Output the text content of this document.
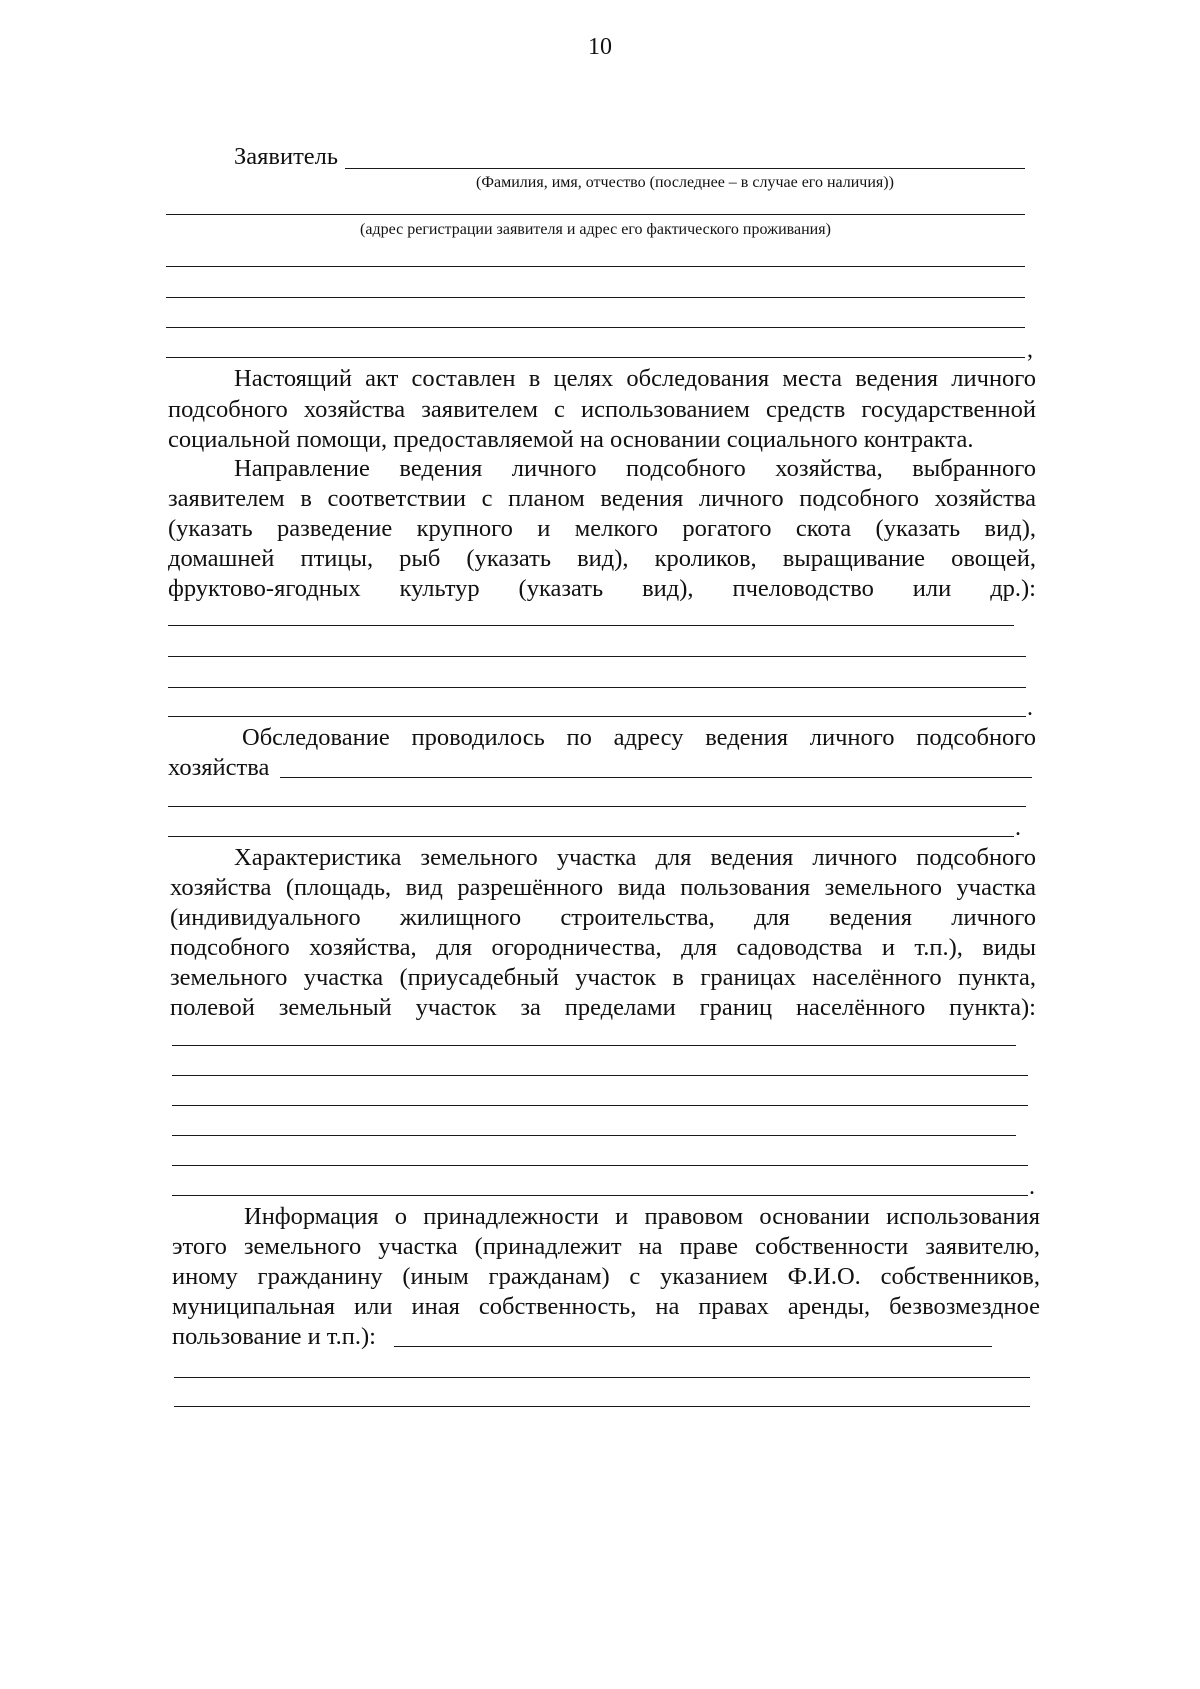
10
Заявитель
(Фамилия, имя, отчество (последнее – в случае его наличия))
(адрес регистрации заявителя и адрес его фактического проживания)
,
Настоящий акт составлен в целях обследования места ведения личного
подсобного хозяйства заявителем с использованием средств государственной
социальной помощи, предоставляемой на основании социального контракта.
Направление ведения личного подсобного хозяйства, выбранного
заявителем в соответствии с планом ведения личного подсобного хозяйства
(указать разведение крупного и мелкого рогатого скота (указать вид),
домашней птицы, рыб (указать вид), кроликов, выращивание овощей,
фруктово-ягодных культур (указать вид), пчеловодство или др.):
.
Обследование проводилось по адресу ведения личного подсобного
хозяйства
.
Характеристика земельного участка для ведения личного подсобного
хозяйства (площадь, вид разрешённого вида пользования земельного участка
(индивидуального жилищного строительства, для ведения личного
подсобного хозяйства, для огородничества, для садоводства и т.п.), виды
земельного участка (приусадебный участок в границах населённого пункта,
полевой земельный участок за пределами границ населённого пункта):
.
Информация о принадлежности и правовом основании использования
этого земельного участка (принадлежит на праве собственности заявителю,
иному гражданину (иным гражданам) с указанием Ф.И.О. собственников,
муниципальная или иная собственность, на правах аренды, безвозмездное
пользование и т.п.):
